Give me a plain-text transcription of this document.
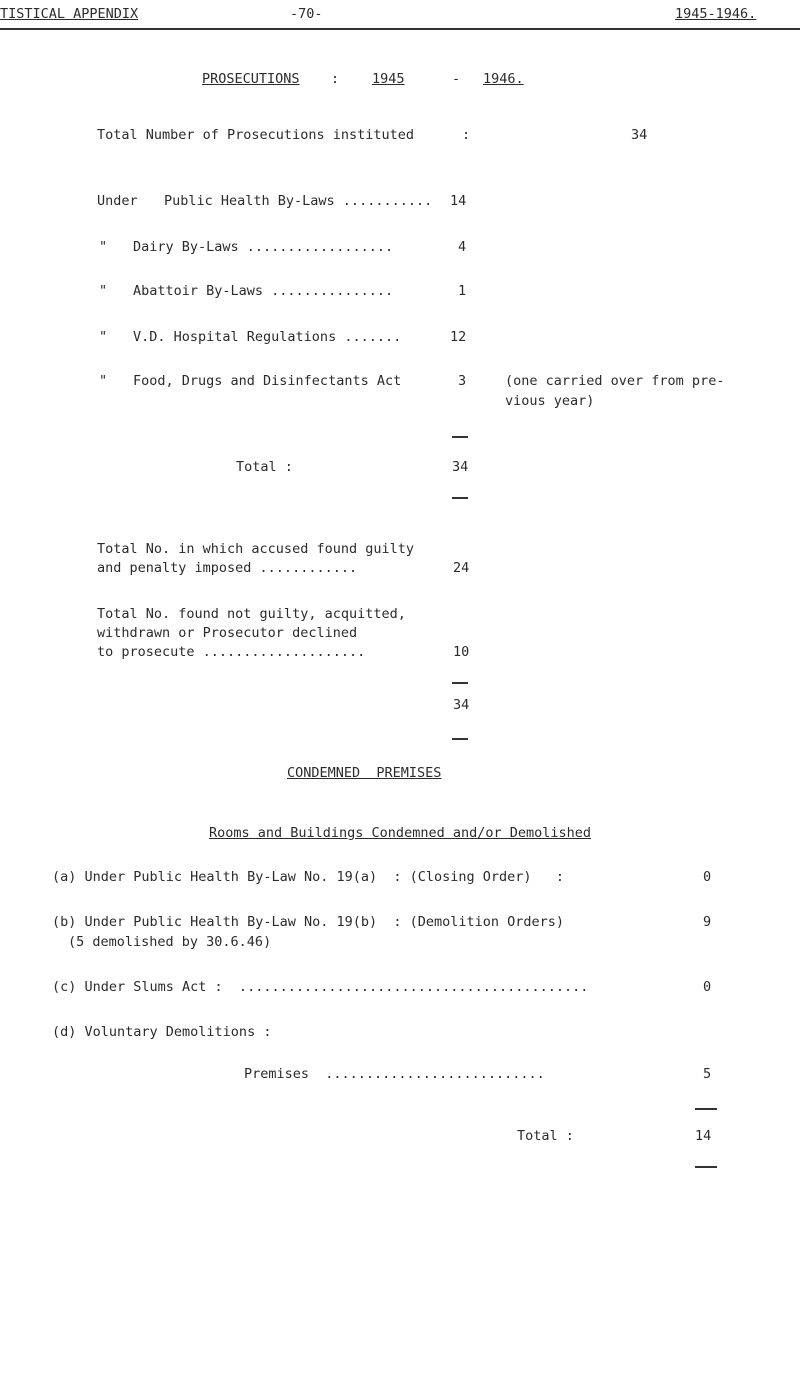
TISTICAL APPENDIX	-70-	1945-1946.
PROSECUTIONS : 1945	- 1946.
Total Number of Prosecutions instituted	:	34
Under Public Health By-Laws ........... 14
" Dairy By-Laws ..................	4
" Abattoir By-Laws ...............	1
" V.D. Hospital Regulations .......	12
" Food, Drugs and Disinfectants Act	3	(one carried over from pre-
vious year)
Total :	34
Total No. in which accused found guilty
and penalty imposed ............	24
Total No. found not guilty, acquitted,
withdrawn or Prosecutor declined
to prosecute ....................	10
34
CONDEMNED  PREMISES
Rooms and Buildings Condemned and/or Demolished
(a) Under Public Health By-Law No. 19(a)  : (Closing Order)   :	0
(b) Under Public Health By-Law No. 19(b)  : (Demolition Orders)	9
(5 demolished by 30.6.46)
(c) Under Slums Act :  ...........................................	0
(d) Voluntary Demolitions :
Premises  ...........................	5
Total :	14
